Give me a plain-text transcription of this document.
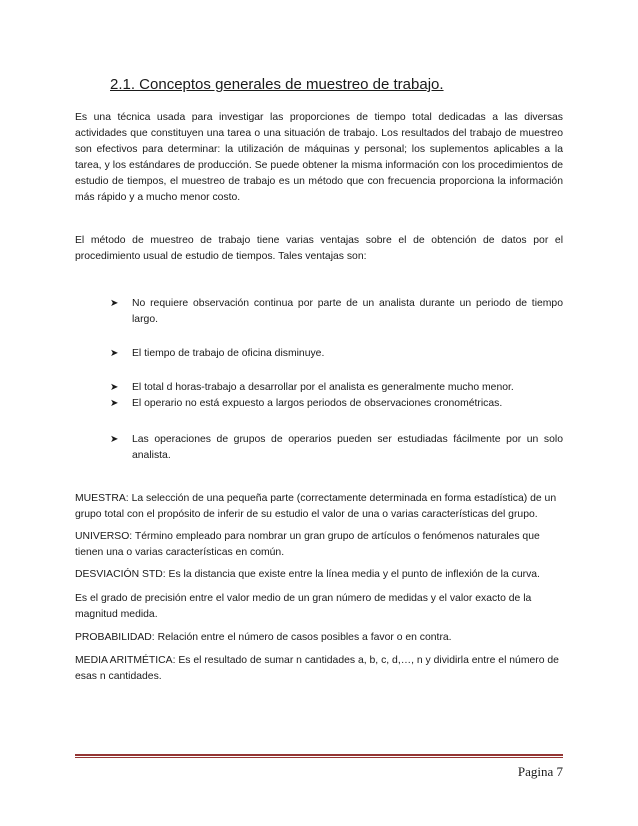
2.1. Conceptos generales de muestreo de trabajo.
Es una técnica usada para investigar las proporciones de tiempo total dedicadas a las diversas actividades que constituyen una tarea o una situación de trabajo. Los resultados del trabajo de muestreo son efectivos para determinar: la utilización de máquinas y personal; los suplementos aplicables a la tarea, y los estándares de producción. Se puede obtener la misma información con los procedimientos de estudio de tiempos, el muestreo de trabajo es un método que con frecuencia proporciona la información más rápido y a mucho menor costo.
El método de muestreo de trabajo tiene varias ventajas sobre el de obtención de datos por el procedimiento usual de estudio de tiempos. Tales ventajas son:
➤	No requiere observación continua por parte de un analista durante un periodo de tiempo largo.
➤	El tiempo de trabajo de oficina disminuye.
➤	El total d horas-trabajo a desarrollar por el analista es generalmente mucho menor.
➤	El operario no está expuesto a largos periodos de observaciones cronométricas.
➤	Las operaciones de grupos de operarios pueden ser estudiadas fácilmente por un solo analista.
MUESTRA: La selección de una pequeña parte (correctamente determinada en forma estadística) de un grupo total con el propósito de inferir de su estudio el valor de una o varias características del grupo.
UNIVERSO: Término empleado para nombrar un gran grupo de artículos o fenómenos naturales que tienen una o varias características en común.
DESVIACIÓN STD: Es la distancia que existe entre la línea media y el punto de inflexión de la curva.
Es el grado de precisión entre el valor medio de un gran número de medidas y el valor exacto de la magnitud medida.
PROBABILIDAD: Relación entre el número de casos posibles a favor o en contra.
MEDIA ARITMÉTICA: Es el resultado de sumar n cantidades a, b, c, d,…, n y dividirla entre el número de esas n cantidades.
Pagina 7
